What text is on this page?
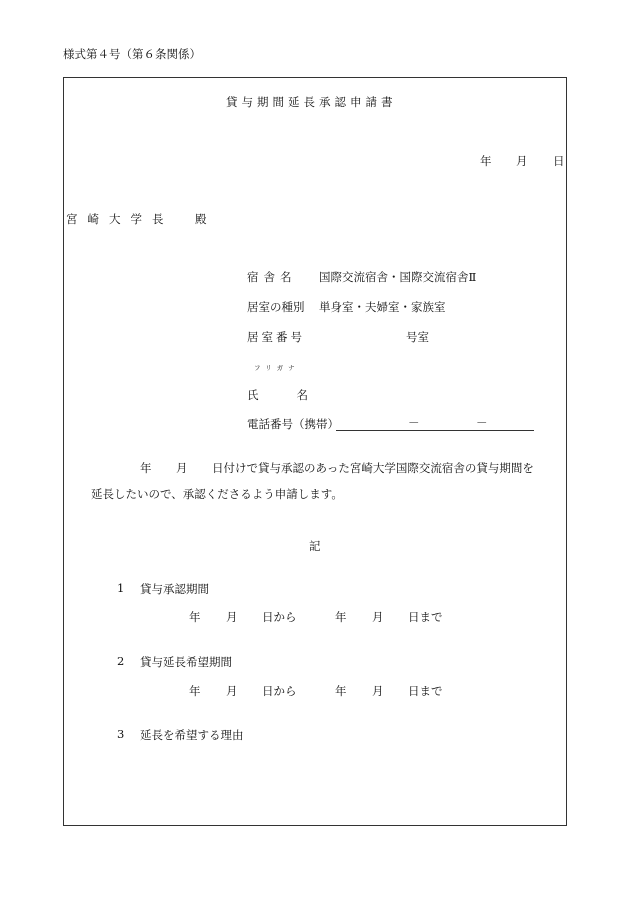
様式第４号（第６条関係）
貸与期間延長承認申請書
年 月 日
宮崎大学長　殿
宿舎名 国際交流宿舎・国際交流宿舎Ⅱ
居室の種別 単身室・夫婦室・家族室
居室番号	号室
フリガナ
氏名
電話番号（携帯）	－	－
年 月 日付けで貸与承認のあった宮崎大学国際交流宿舎の貸与期間を
延長したいので、承認くださるよう申請します。
記
1 貸与承認期間
年 月 日から	年 月 日まで
2 貸与延長希望期間
年 月 日から	年 月 日まで
3 延長を希望する理由
